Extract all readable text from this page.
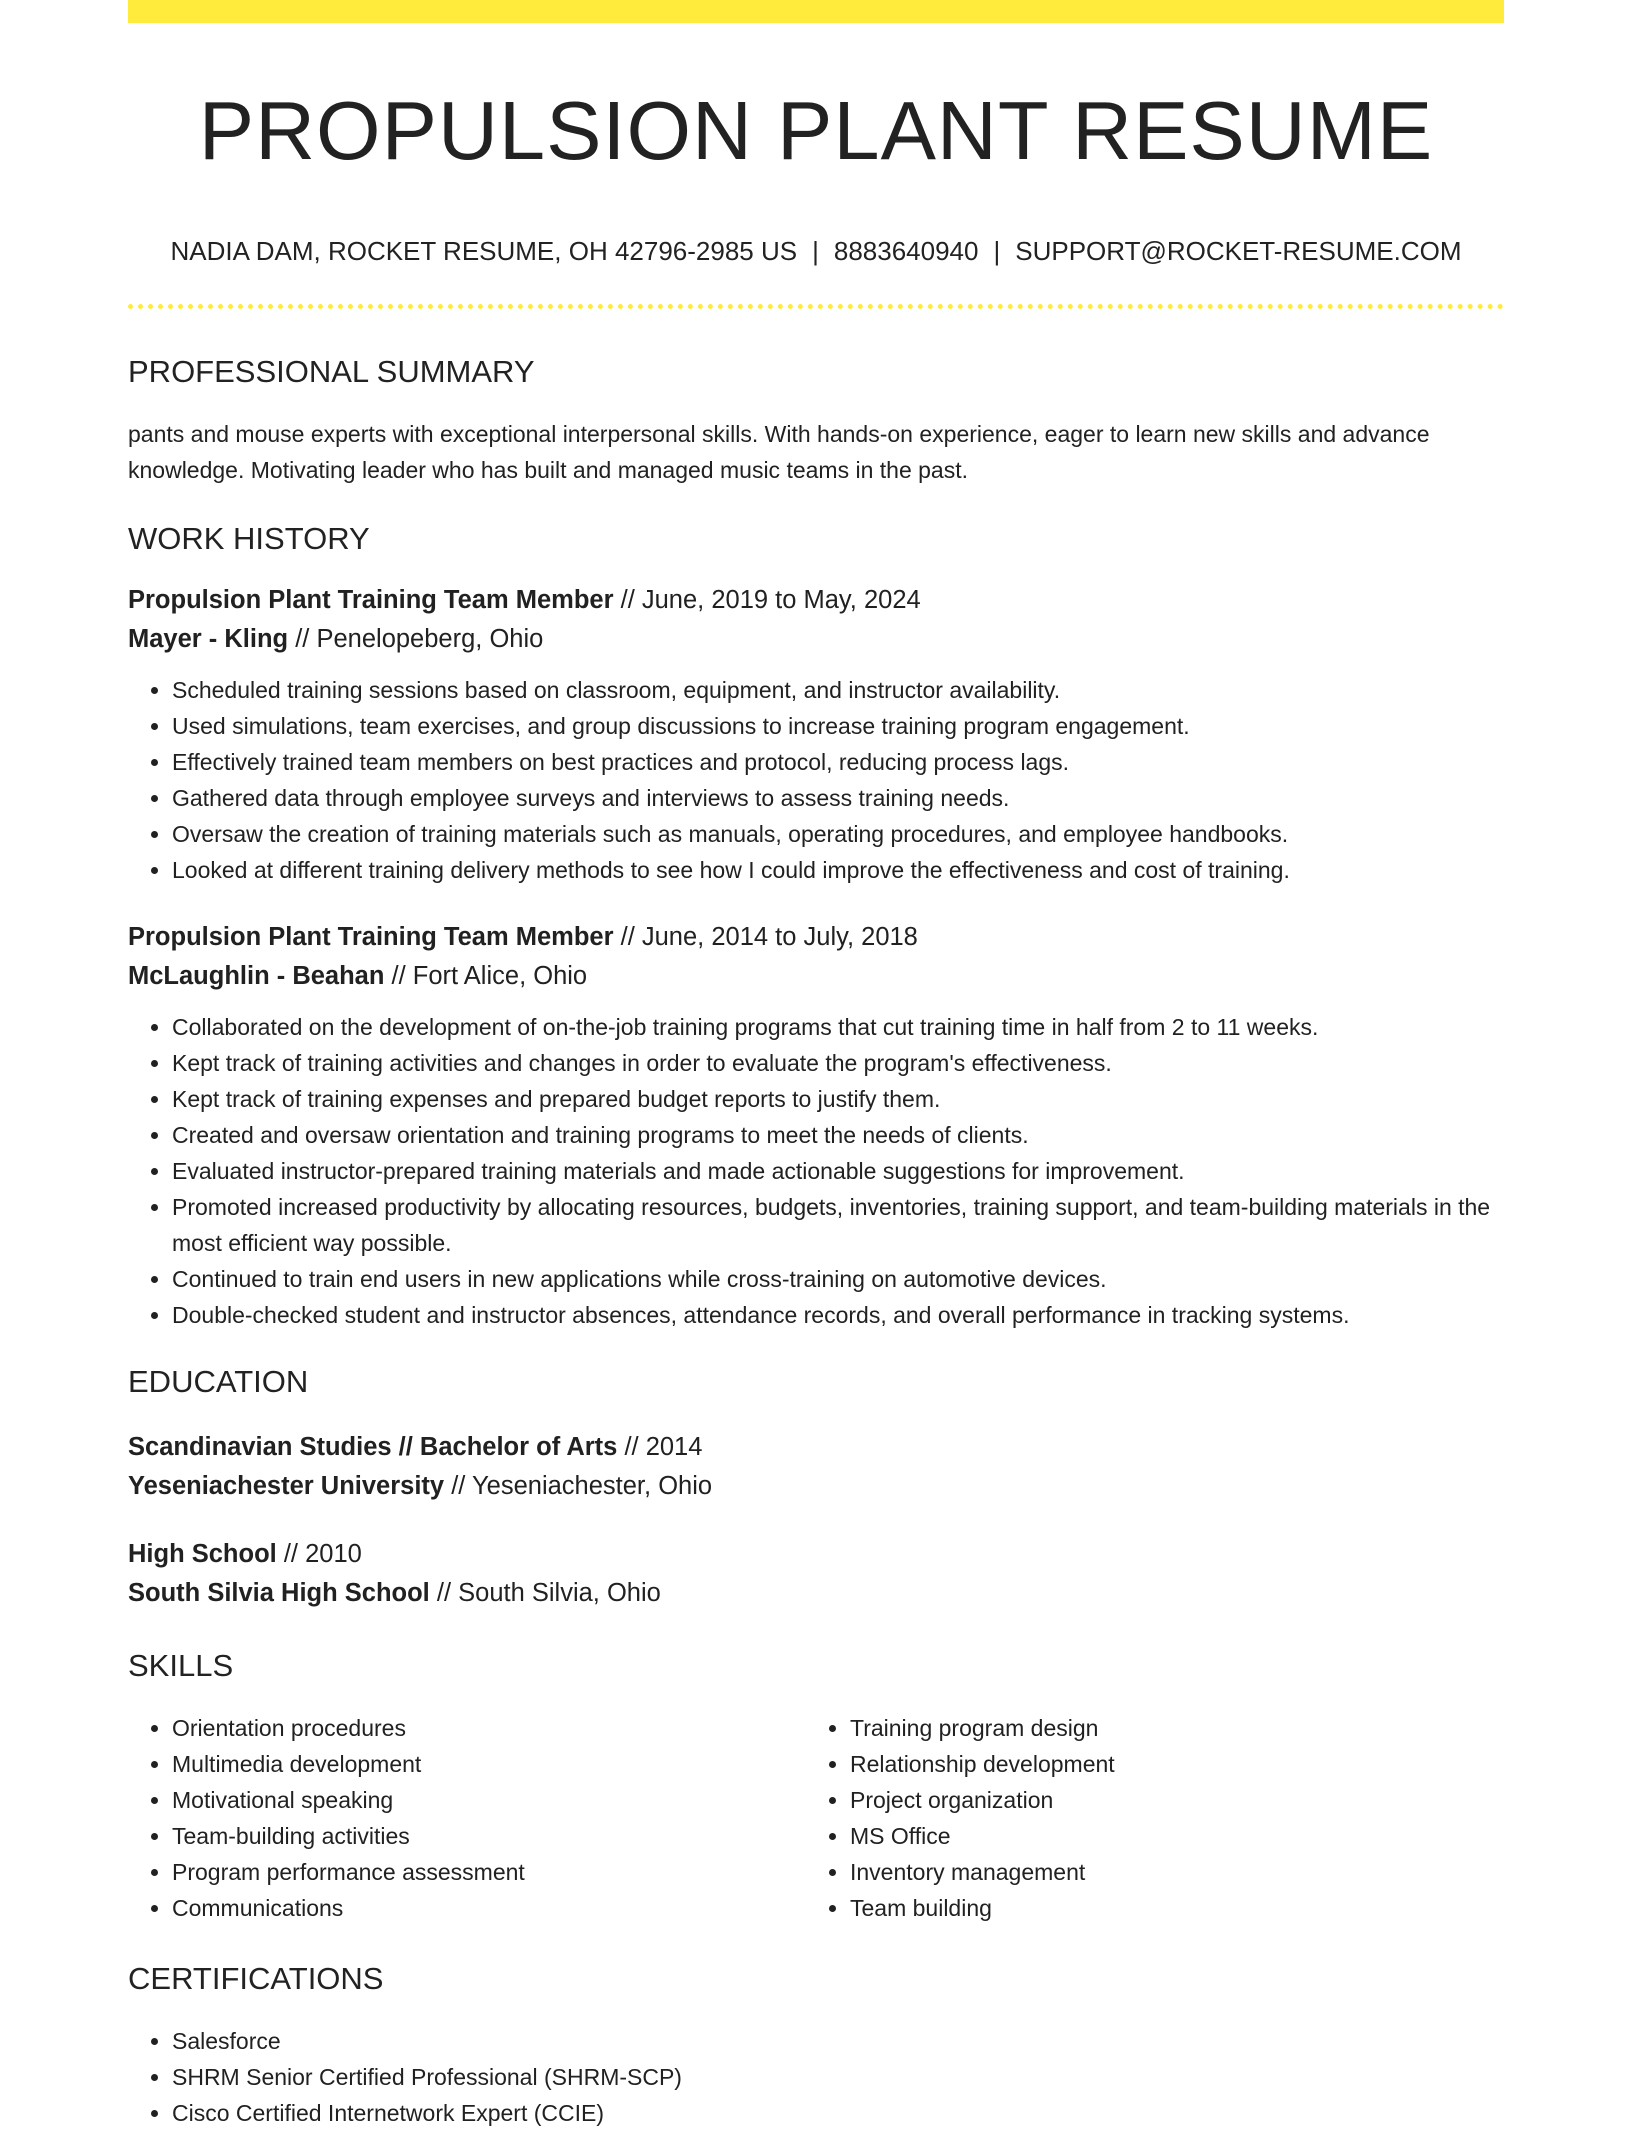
PROPULSION PLANT RESUME
NADIA DAM, ROCKET RESUME, OH 42796-2985 US | 8883640940 | SUPPORT@ROCKET-RESUME.COM
PROFESSIONAL SUMMARY
pants and mouse experts with exceptional interpersonal skills. With hands-on experience, eager to learn new skills and advance knowledge. Motivating leader who has built and managed music teams in the past.
WORK HISTORY
Propulsion Plant Training Team Member // June, 2019 to May, 2024
Mayer - Kling // Penelopeberg, Ohio
• Scheduled training sessions based on classroom, equipment, and instructor availability.
• Used simulations, team exercises, and group discussions to increase training program engagement.
• Effectively trained team members on best practices and protocol, reducing process lags.
• Gathered data through employee surveys and interviews to assess training needs.
• Oversaw the creation of training materials such as manuals, operating procedures, and employee handbooks.
• Looked at different training delivery methods to see how I could improve the effectiveness and cost of training.
Propulsion Plant Training Team Member // June, 2014 to July, 2018
McLaughlin - Beahan // Fort Alice, Ohio
• Collaborated on the development of on-the-job training programs that cut training time in half from 2 to 11 weeks.
• Kept track of training activities and changes in order to evaluate the program's effectiveness.
• Kept track of training expenses and prepared budget reports to justify them.
• Created and oversaw orientation and training programs to meet the needs of clients.
• Evaluated instructor-prepared training materials and made actionable suggestions for improvement.
• Promoted increased productivity by allocating resources, budgets, inventories, training support, and team-building materials in the most efficient way possible.
• Continued to train end users in new applications while cross-training on automotive devices.
• Double-checked student and instructor absences, attendance records, and overall performance in tracking systems.
EDUCATION
Scandinavian Studies // Bachelor of Arts // 2014
Yeseniachester University // Yeseniachester, Ohio
High School // 2010
South Silvia High School // South Silvia, Ohio
SKILLS
• Orientation procedures
• Multimedia development
• Motivational speaking
• Team-building activities
• Program performance assessment
• Communications
• Training program design
• Relationship development
• Project organization
• MS Office
• Inventory management
• Team building
CERTIFICATIONS
• Salesforce
• SHRM Senior Certified Professional (SHRM-SCP)
• Cisco Certified Internetwork Expert (CCIE)
